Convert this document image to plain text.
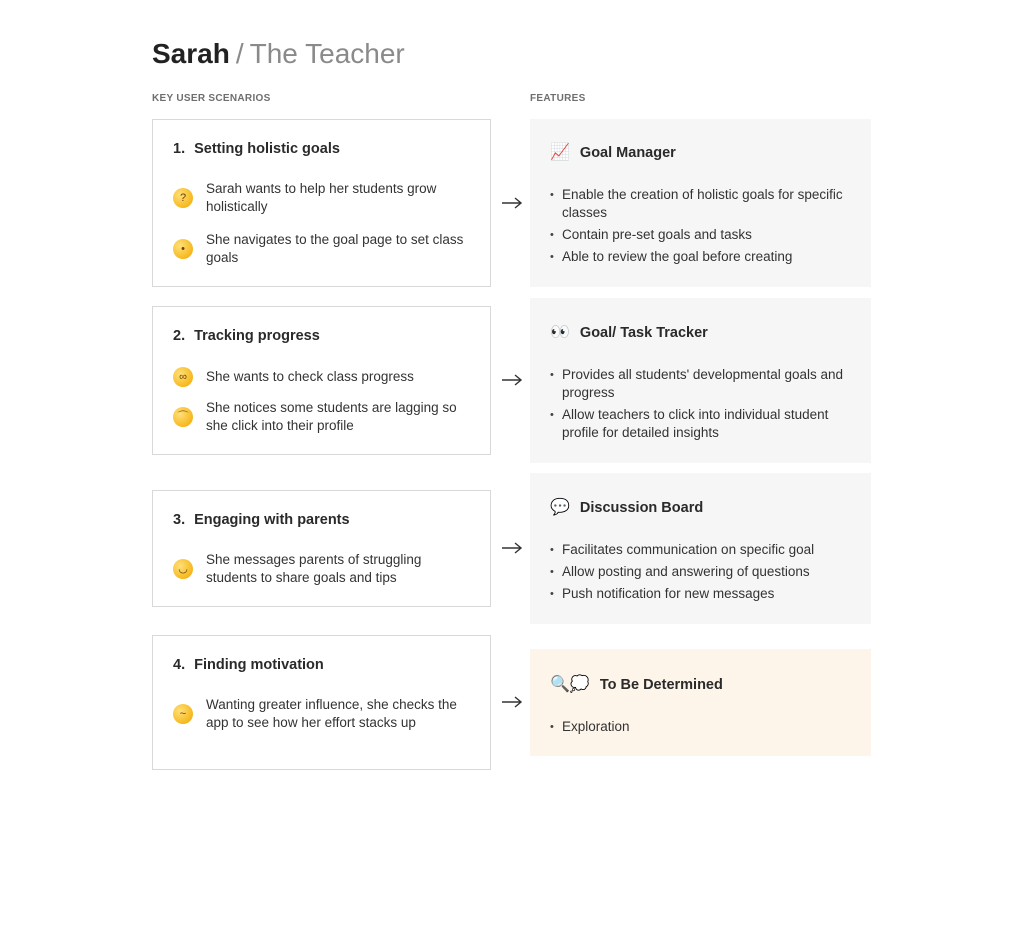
Sarah / The Teacher
KEY USER SCENARIOS	FEATURES
1. Setting holistic goals
?
Sarah wants to help her students grow holistically
•
She navigates to the goal page to set class goals
2. Tracking progress
∞	She wants to check class progress
⌒
She notices some students are lagging so she click into their profile
3. Engaging with parents
◡
She messages parents of struggling students to share goals and tips
4. Finding motivation
~
Wanting greater influence, she checks the app to see how her effort stacks up
📈 Goal Manager
• Enable the creation of holistic goals for specific classes
• Contain pre-set goals and tasks
• Able to review the goal before creating
👀 Goal/ Task Tracker
• Provides all students' developmental goals and progress
• Allow teachers to click into individual student profile for detailed insights
💬 Discussion Board
• Facilitates communication on specific goal
• Allow posting and answering of questions
• Push notification for new messages
🔍💭 To Be Determined
• Exploration
